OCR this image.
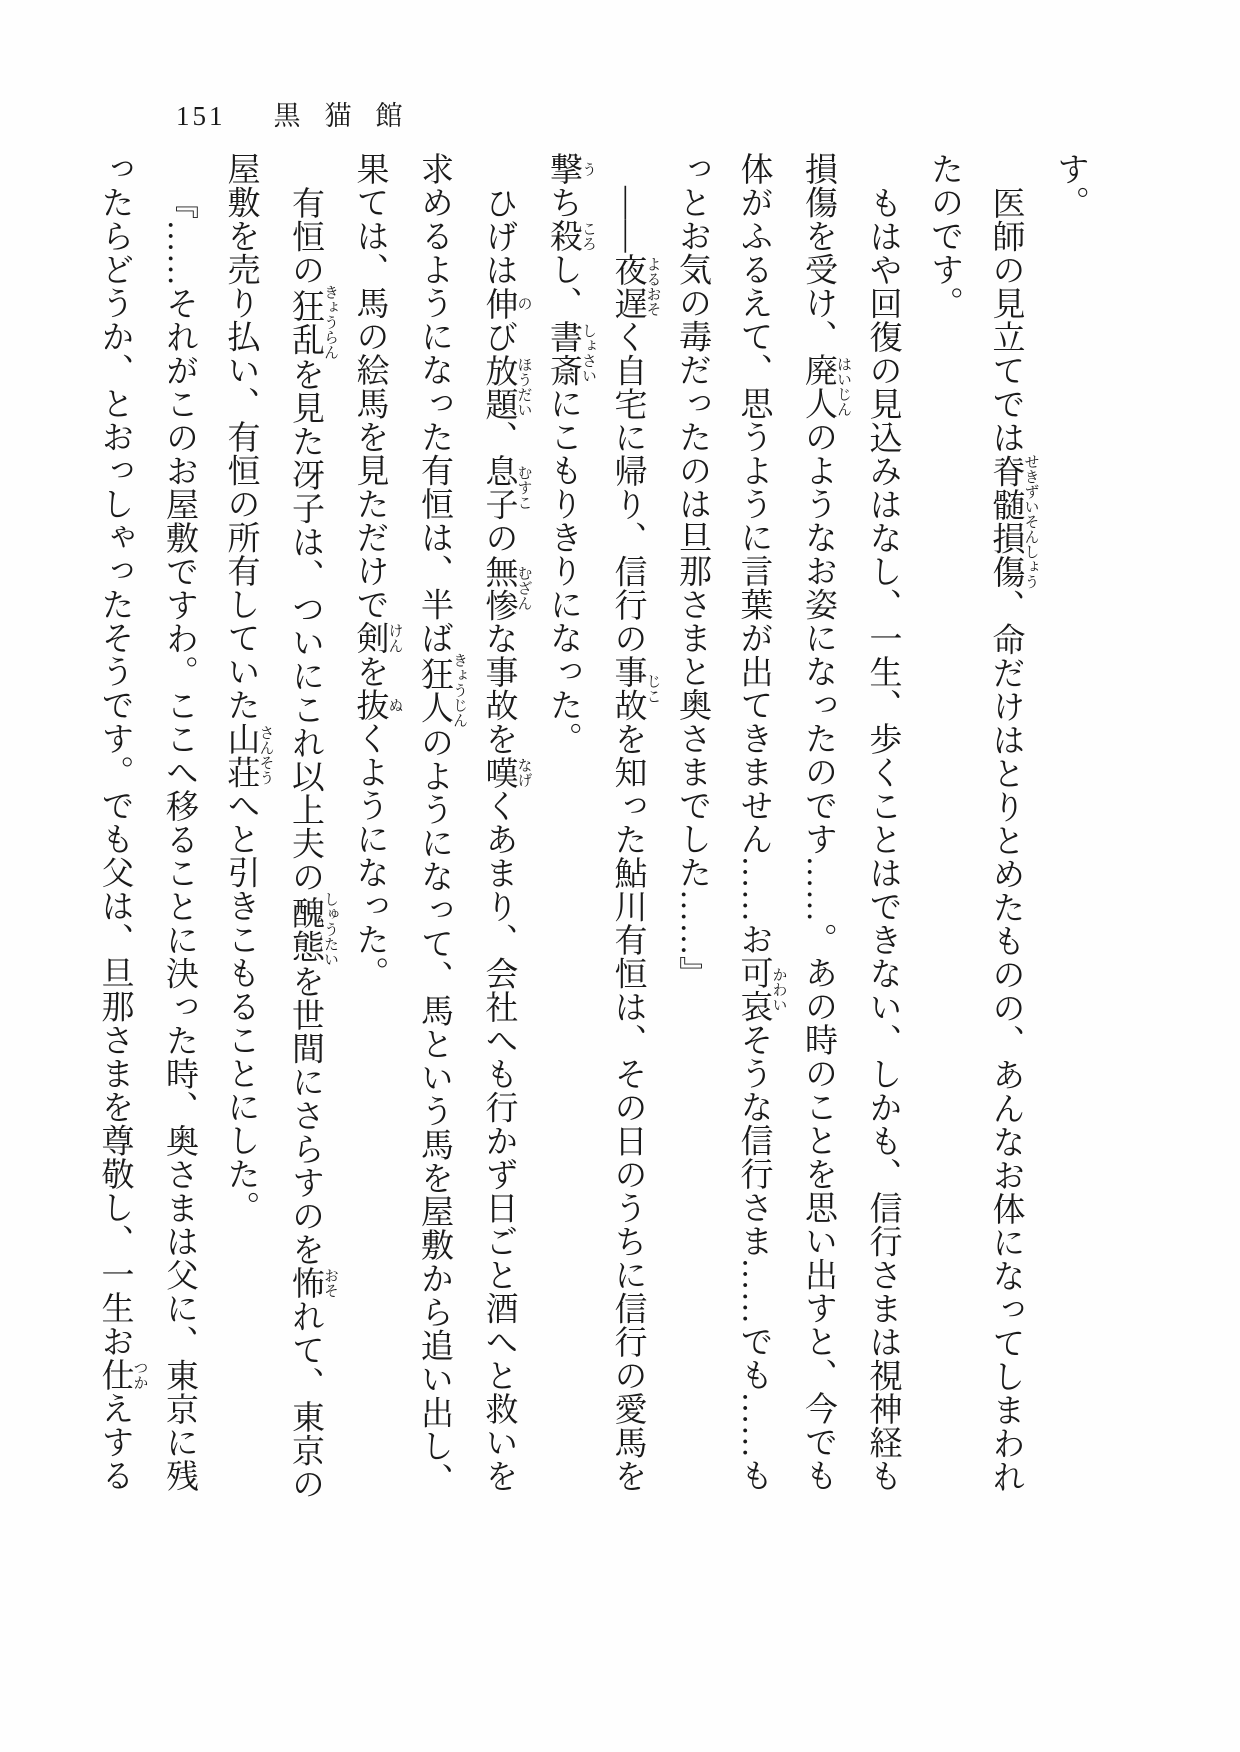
151 黒猫館

す。

医師の見立てでは脊髄損傷 せきずいそんしょう、命だけはとりとめたものの、あんなお体になってしまわれ

たのです。

もはや回復の見込みはなし、一生、歩くことはできない、しかも、信行さまは視神経も

損傷を受け、廃人 はいじんのようなお姿になったのです……。あの時のことを思い出すと、今でも

体がふるえて、思うように言葉が出てきません……お可哀 かわいそうな信行さま……でも……も

っとお気の毒だったのは旦那さまと奥さまでした……』

――夜遅 よるおそく自宅に帰り、信行の事故 じこを知った鮎川有恒は、その日のうちに信行の愛馬を

撃 うち殺 ころし、書斎 しょさいにこもりきりになった。

ひげは伸 のび放題 ほうだい、息子 むすこの無惨 むざんな事故を嘆 なげくあまり、会社へも行かず日ごと酒へと救いを

求めるようになった有恒は、半ば狂人 きょうじんのようになって、馬という馬を屋敷から追い出し、

果ては、馬の絵馬を見ただけで剣 けんを抜 ぬくようになった。

有恒の狂乱 きょうらんを見た冴子は、ついにこれ以上夫の醜態 しゅうたいを世間にさらすのを怖 おそれて、東京の

屋敷を売り払い、有恒の所有していた山荘 さんそうへと引きこもることにした。

『……それがこのお屋敷ですわ。ここへ移ることに決った時、奥さまは父に、東京に残

ったらどうか、とおっしゃったそうです。でも父は、旦那さまを尊敬し、一生お仕 つかえする
